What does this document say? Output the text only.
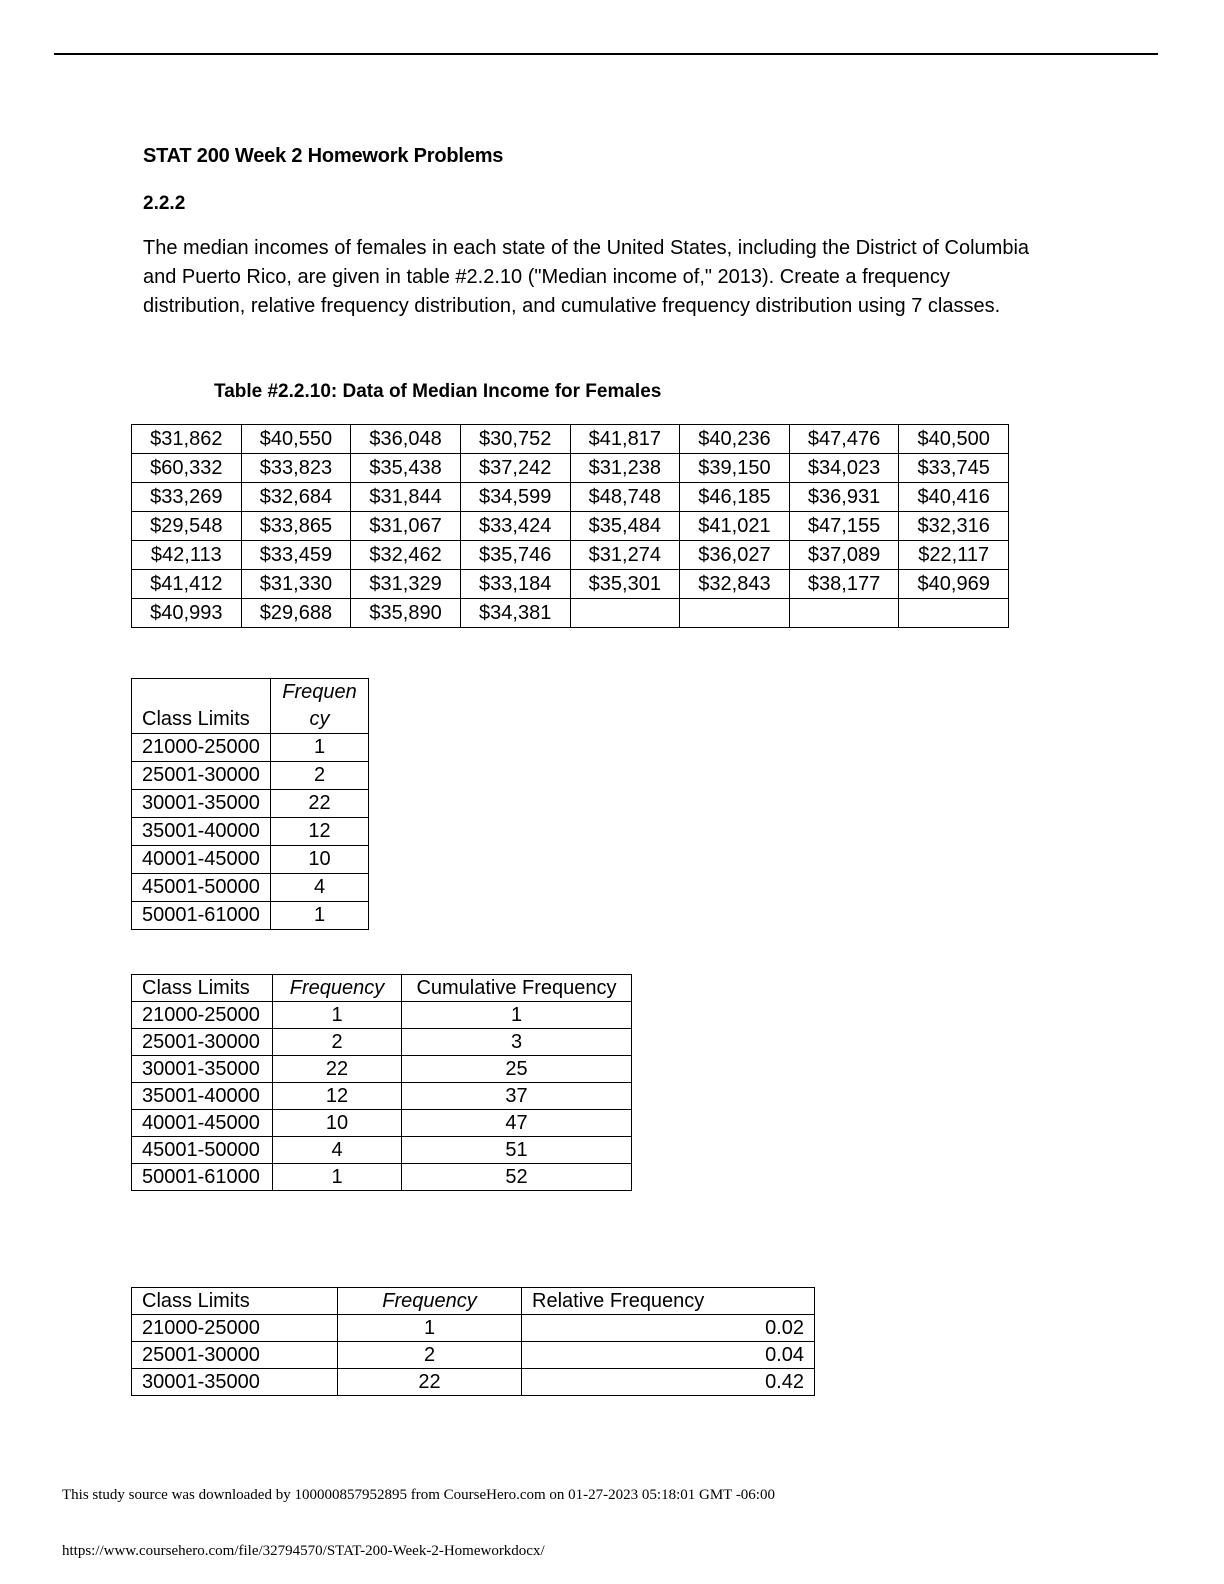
STAT 200 Week 2 Homework Problems
2.2.2
The median incomes of females in each state of the United States, including the District of Columbia and Puerto Rico, are given in table #2.2.10 ("Median income of," 2013). Create a frequency distribution, relative frequency distribution, and cumulative frequency distribution using 7 classes.
Table #2.2.10: Data of Median Income for Females
$31,862	$40,550	$36,048	$30,752	$41,817	$40,236	$47,476	$40,500
$60,332	$33,823	$35,438	$37,242	$31,238	$39,150	$34,023	$33,745
$33,269	$32,684	$31,844	$34,599	$48,748	$46,185	$36,931	$40,416
$29,548	$33,865	$31,067	$33,424	$35,484	$41,021	$47,155	$32,316
$42,113	$33,459	$32,462	$35,746	$31,274	$36,027	$37,089	$22,117
$41,412	$31,330	$31,329	$33,184	$35,301	$32,843	$38,177	$40,969
$40,993	$29,688	$35,890	$34,381				
Class Limits	Frequen cy
21000-25000	1
25001-30000	2
30001-35000	22
35001-40000	12
40001-45000	10
45001-50000	4
50001-61000	1
Class Limits	Frequency	Cumulative Frequency
21000-25000	1	1
25001-30000	2	3
30001-35000	22	25
35001-40000	12	37
40001-45000	10	47
45001-50000	4	51
50001-61000	1	52
Class Limits	Frequency	Relative Frequency
21000-25000	1	0.02
25001-30000	2	0.04
30001-35000	22	0.42
This study source was downloaded by 100000857952895 from CourseHero.com on 01-27-2023 05:18:01 GMT -06:00
https://www.coursehero.com/file/32794570/STAT-200-Week-2-Homeworkdocx/
